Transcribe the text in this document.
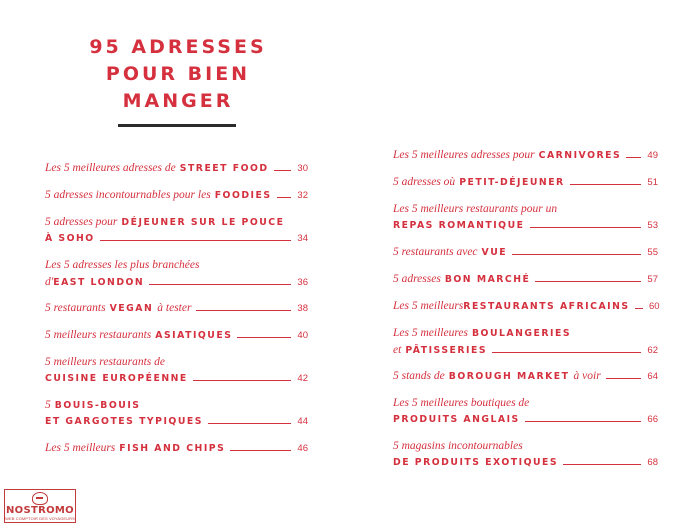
95 ADRESSES
POUR BIEN
MANGER
Les 5 meilleures adresses de STREET FOOD	30
5 adresses incontournables pour les FOODIES	32
5 adresses pour DÉJEUNER SUR LE POUCE
À SOHO	34
Les 5 adresses les plus branchées
d' EAST LONDON	36
5 restaurants VEGAN à tester	38
5 meilleurs restaurants ASIATIQUES	40
5 meilleurs restaurants de
CUISINE EUROPÉENNE	42
5 BOUIS-BOUIS
ET GARGOTES TYPIQUES	44
Les 5 meilleurs FISH AND CHIPS	46
Les 5 meilleures adresses pour CARNIVORES	49
5 adresses où PETIT-DÉJEUNER	51
Les 5 meilleurs restaurants pour un
REPAS ROMANTIQUE	53
5 restaurants avec VUE	55
5 adresses BON MARCHÉ	57
Les 5 meilleurs RESTAURANTS AFRICAINS 60
Les 5 meilleures BOULANGERIES
et PÂTISSERIES	62
5 stands de BOROUGH MARKET à voir	64
Les 5 meilleures boutiques de
PRODUITS ANGLAIS	66
5 magasins incontournables
DE PRODUITS EXOTIQUES	68
NOSTROMO
WEB COMPTOIR DES VOYAGEURS
